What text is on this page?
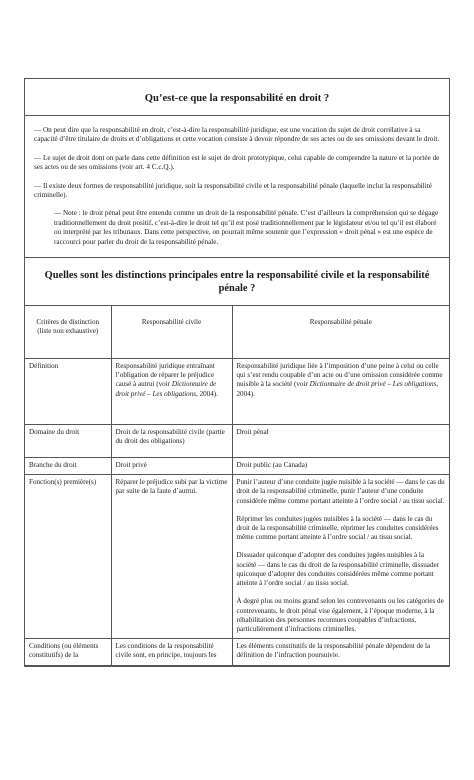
Qu’est-ce que la responsabilité en droit ?

— On peut dire que la responsabilité en droit, c’est-à-dire la responsabilité juridique, est une vocation du sujet de droit corrélative à sa capacité d’être titulaire de droits et d’obligations et cette vocation consiste à devoir répondre de ses actes ou de ses omissions devant le droit.

— Le sujet de droit dont on parle dans cette définition est le sujet de droit prototypique, celui capable de comprendre la nature et la portée de ses actes ou de ses omissions (voir art. 4 C.c.Q.).

— Il existe deux formes de responsabilité juridique, soit la responsabilité civile et la responsabilité pénale (laquelle inclut la responsabilité criminelle).

— Note : le droit pénal peut être entendu comme un droit de la responsabilité pénale. C’est d’ailleurs la compréhension qui se dégage traditionnellement du droit positif, c’est-à-dire le droit tel qu’il est posé traditionnellement par le législateur et/ou tel qu’il est élaboré ou interprété par les tribunaux. Dans cette perspective, on pourrait même soutenir que l’expression « droit pénal » est une espèce de raccourci pour parler du droit de la responsabilité pénale.

Quelles sont les distinctions principales entre la responsabilité civile et la responsabilité pénale ?
Critères de distinction (liste non exhaustive)	Responsabilité civile	Responsabilité pénale
Définition	Responsabilité juridique entraînant l’obligation de réparer le préjudice causé à autrui (voir Dictionnaire de droit privé – Les obligations, 2004).	Responsabilité juridique liée à l’imposition d’une peine à celui ou celle qui s’est rendu coupable d’un acte ou d’une omission considérée comme nuisible à la société (voir Dictionnaire de droit privé – Les obligations, 2004).
Domaine du droit	Droit de la responsabilité civile (partie du droit des obligations)	Droit pénal
Branche du droit	Droit privé	Droit public (au Canada)
Fonction(s) première(s)	Réparer le préjudice subi par la victime par suite de la faute d’autrui.	Punir l’auteur d’une conduite jugée nuisible à la société — dans le cas du droit de la responsabilité criminelle, punir l’auteur d’une conduite considérée même comme portant atteinte à l’ordre social / au tissu social.
Réprimer les conduites jugées nuisibles à la société — dans le cas du droit de la responsabilité criminelle, réprimer les conduites considérées même comme portant atteinte à l’ordre social / au tissu social.
Dissuader quiconque d’adopter des conduites jugées nuisibles à la société — dans le cas du droit de la responsabilité criminelle, dissuader quiconque d’adopter des conduites considérées même comme portant atteinte à l’ordre social / au tissu social.
À degré plus ou moins grand selon les contrevenants ou les catégories de contrevenants, le droit pénal vise également, à l’époque moderne, à la réhabilitation des personnes reconnues coupables d’infractions, particulièrement d’infractions criminelles.

Conditions (ou éléments constitutifs) de la	Les conditions de la responsabilité civile sont, en principe, toujours les	Les éléments constitutifs de la responsabilité pénale dépendent de la définition de l’infraction poursuivie.
